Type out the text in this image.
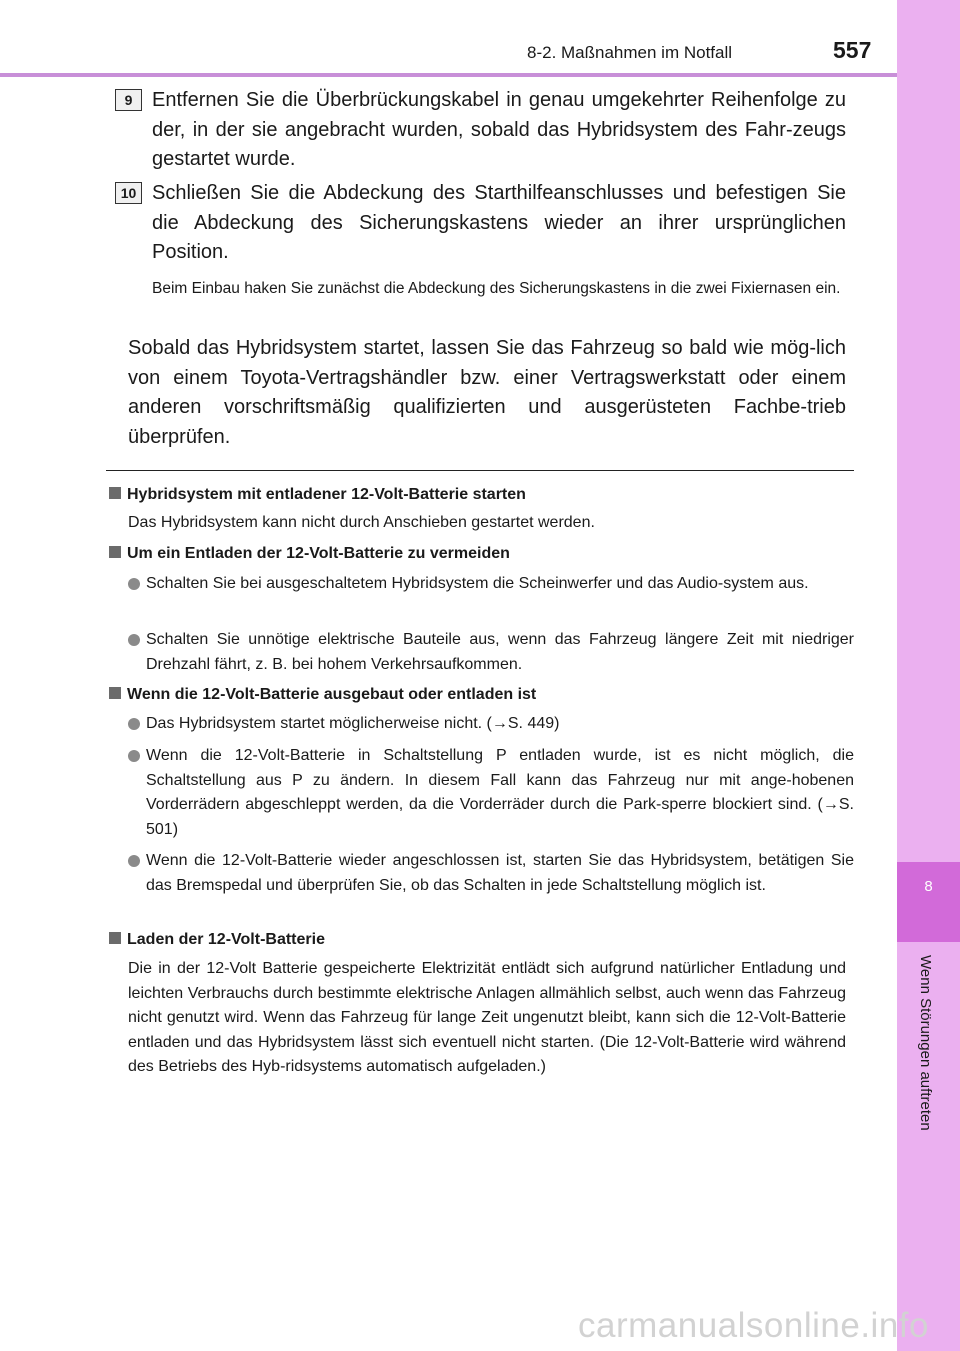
8-2. Maßnahmen im Notfall	557
8
Wenn Störungen auftreten
9 Entfernen Sie die Überbrückungskabel in genau umgekehrter Reihenfolge zu der, in der sie angebracht wurden, sobald das Hybridsystem des Fahr-zeugs gestartet wurde.

10 Schließen Sie die Abdeckung des Starthilfeanschlusses und befestigen Sie die Abdeckung des Sicherungskastens wieder an ihrer ursprünglichen Position.

Beim Einbau haken Sie zunächst die Abdeckung des Sicherungskastens in die zwei Fixiernasen ein.

Sobald das Hybridsystem startet, lassen Sie das Fahrzeug so bald wie mög-lich von einem Toyota-Vertragshändler bzw. einer Vertragswerkstatt oder einem anderen vorschriftsmäßig qualifizierten und ausgerüsteten Fachbe-trieb überprüfen.

Hybridsystem mit entladener 12-Volt-Batterie starten

Das Hybridsystem kann nicht durch Anschieben gestartet werden.

Um ein Entladen der 12-Volt-Batterie zu vermeiden

Schalten Sie bei ausgeschaltetem Hybridsystem die Scheinwerfer und das Audio-system aus.

Schalten Sie unnötige elektrische Bauteile aus, wenn das Fahrzeug längere Zeit mit niedriger Drehzahl fährt, z. B. bei hohem Verkehrsaufkommen.

Wenn die 12-Volt-Batterie ausgebaut oder entladen ist

Das Hybridsystem startet möglicherweise nicht. (→S. 449)

Wenn die 12-Volt-Batterie in Schaltstellung P entladen wurde, ist es nicht möglich, die Schaltstellung aus P zu ändern. In diesem Fall kann das Fahrzeug nur mit ange-hobenen Vorderrädern abgeschleppt werden, da die Vorderräder durch die Park-sperre blockiert sind. (→S. 501)

Wenn die 12-Volt-Batterie wieder angeschlossen ist, starten Sie das Hybridsystem, betätigen Sie das Bremspedal und überprüfen Sie, ob das Schalten in jede Schaltstellung möglich ist.

Laden der 12-Volt-Batterie

Die in der 12-Volt Batterie gespeicherte Elektrizität entlädt sich aufgrund natürlicher Entladung und leichten Verbrauchs durch bestimmte elektrische Anlagen allmählich selbst, auch wenn das Fahrzeug nicht genutzt wird. Wenn das Fahrzeug für lange Zeit ungenutzt bleibt, kann sich die 12-Volt-Batterie entladen und das Hybridsystem lässt sich eventuell nicht starten. (Die 12-Volt-Batterie wird während des Betriebs des Hyb-ridsystems automatisch aufgeladen.)

carmanualsonline.info
